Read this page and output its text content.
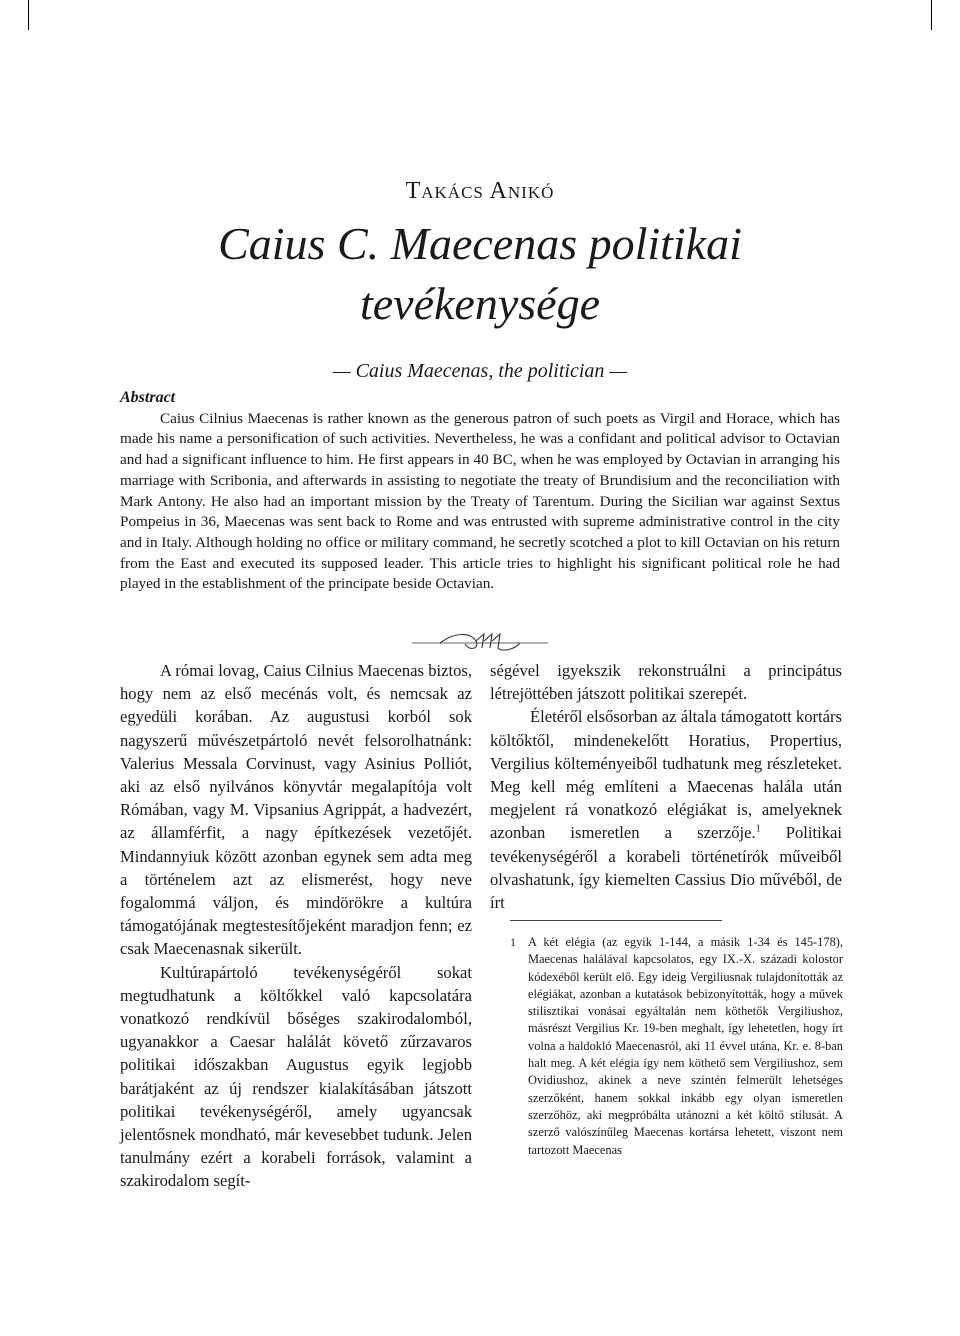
Takács Anikó
Caius C. Maecenas politikai tevékenysége
— Caius Maecenas, the politician —
Abstract

Caius Cilnius Maecenas is rather known as the generous patron of such poets as Virgil and Horace, which has made his name a personification of such activities. Nevertheless, he was a confidant and political advisor to Octavian and had a significant influence to him. He first appears in 40 BC, when he was employed by Octavian in arranging his marriage with Scribonia, and afterwards in assisting to negotiate the treaty of Brundisium and the reconciliation with Mark Antony. He also had an important mission by the Treaty of Tarentum. During the Sicilian war against Sextus Pompeius in 36, Maecenas was sent back to Rome and was entrusted with supreme administrative control in the city and in Italy. Although holding no office or military command, he secretly scotched a plot to kill Octavian on his return from the East and executed its supposed leader. This article tries to highlight his significant political role he had played in the establishment of the principate beside Octavian.

A római lovag, Caius Cilnius Maecenas biztos, hogy nem az első mecénás volt, és nemcsak az egyedüli korában. Az augustusi korból sok nagyszerű művészetpártoló nevét felsorolhatnánk: Valerius Messala Corvinust, vagy Asinius Polliót, aki az első nyilvános könyvtár megalapítója volt Rómában, vagy M. Vipsanius Agrippát, a hadvezért, az államférfit, a nagy építkezések vezetőjét. Mindannyiuk között azonban egynek sem adta meg a történelem azt az elismerést, hogy neve fogalommá váljon, és mindörökre a kultúra támogatójának megtestesítőjeként maradjon fenn; ez csak Maecenasnak sikerült.

Kultúrapártoló tevékenységéről sokat megtudhatunk a költőkkel való kapcsolatára vonatkozó rendkívül bőséges szakirodalomból, ugyanakkor a Caesar halálát követő zűrzavaros politikai időszakban Augustus egyik legjobb barátjaként az új rendszer kialakításában játszott politikai tevékenységéről, amely ugyancsak jelentősnek mondható, már kevesebbet tudunk. Jelen tanulmány ezért a korabeli források, valamint a szakirodalom segít-

ségével igyekszik rekonstruálni a principátus létrejöttében játszott politikai szerepét.

Életéről elsősorban az általa támogatott kortárs költőktől, mindenekelőtt Horatius, Propertius, Vergilius költeményeiből tudhatunk meg részleteket. Meg kell még említeni a Maecenas halála után megjelent rá vonatkozó elégiákat is, amelyeknek azonban ismeretlen a szerzője.$^1$ Politikai tevékenységéről a korabeli történetírók műveiből olvashatunk, így kiemelten Cassius Dio művéből, de írt

1 A két elégia (az egyik 1-144, a másik 1-34 és 145-178), Maecenas halálával kapcsolatos, egy IX.-X. századi kolostor kódexéből került elő. Egy ideig Vergiliusnak tulajdonították az elégiákat, azonban a kutatások bebizonyították, hogy a művek stilisztikai vonásai egyáltalán nem köthetők Vergiliushoz, másrészt Vergilius Kr. 19-ben meghalt, így lehetetlen, hogy írt volna a haldokló Maecenasról, aki 11 évvel utána, Kr. e. 8-ban halt meg. A két elégia így nem köthető sem Vergiliushoz, sem Ovidiushoz, akinek a neve szintén felmerült lehetséges szerzőként, hanem sokkal inkább egy olyan ismeretlen szerzőhöz, aki megpróbálta utánozni a két költő stílusát. A szerző valószínűleg Maecenas kortársa lehetett, viszont nem tartozott Maecenas
